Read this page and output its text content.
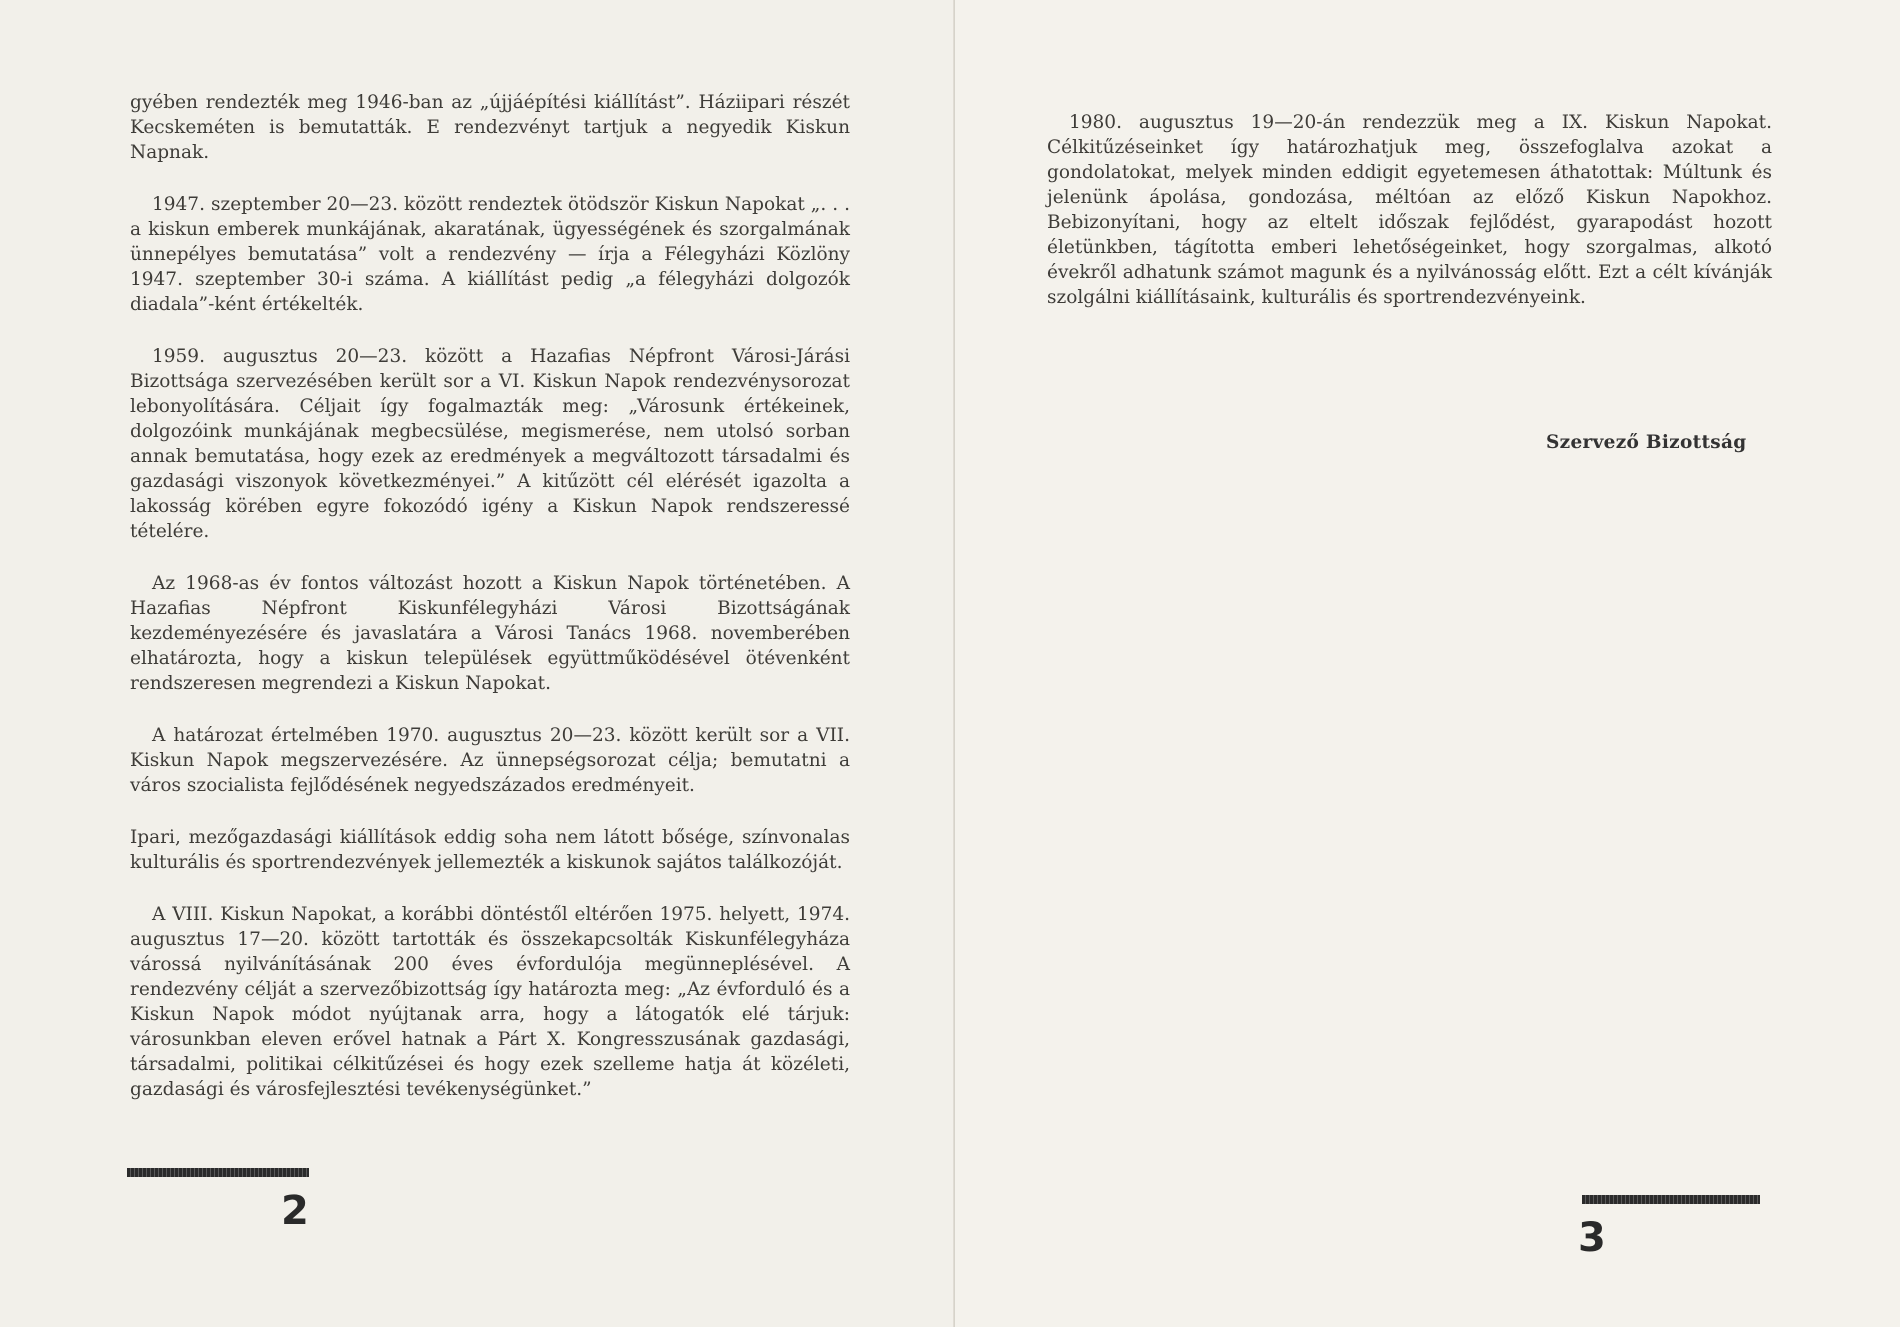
gyében rendezték meg 1946-ban az „újjáépítési kiállítást”. Háziipari részét Kecskeméten is bemutatták. E rendezvényt tartjuk a negyedik Kiskun Napnak.

1947. szeptember 20—23. között rendeztek ötödször Kiskun Napokat „. . . a kiskun emberek munkájának, akaratának, ügyességének és szorgalmának ünnepélyes bemutatása” volt a rendezvény — írja a Félegyházi Közlöny 1947. szeptember 30-i száma. A kiállítást pedig „a félegyházi dolgozók diadala”-ként értékelték.

1959. augusztus 20—23. között a Hazafias Népfront Városi-Járási Bizottsága szervezésében került sor a VI. Kiskun Napok rendezvénysorozat lebonyolítására. Céljait így fogalmazták meg: „Városunk értékeinek, dolgozóink munkájának megbecsülése, megismerése, nem utolsó sorban annak bemutatása, hogy ezek az eredmények a megváltozott társadalmi és gazdasági viszonyok következményei.” A kitűzött cél elérését igazolta a lakosság körében egyre fokozódó igény a Kiskun Napok rendszeressé tételére.

Az 1968-as év fontos változást hozott a Kiskun Napok történetében. A Hazafias Népfront Kiskunfélegyházi Városi Bizottságának kezdeményezésére és javaslatára a Városi Tanács 1968. novemberében elhatározta, hogy a kiskun települések együttműködésével ötévenként rendszeresen megrendezi a Kiskun Napokat.

A határozat értelmében 1970. augusztus 20—23. között került sor a VII. Kiskun Napok megszervezésére. Az ünnepségsorozat célja; bemutatni a város szocialista fejlődésének negyedszázados eredményeit.

Ipari, mezőgazdasági kiállítások eddig soha nem látott bősége, színvonalas kulturális és sportrendezvények jellemezték a kiskunok sajátos találkozóját.

A VIII. Kiskun Napokat, a korábbi döntéstől eltérően 1975. helyett, 1974. augusztus 17—20. között tartották és összekapcsolták Kiskunfélegyháza várossá nyilvánításának 200 éves évfordulója megünneplésével. A rendezvény célját a szervezőbizottság így határozta meg: „Az évforduló és a Kiskun Napok módot nyújtanak arra, hogy a látogatók elé tárjuk: városunkban eleven erővel hatnak a Párt X. Kongresszusának gazdasági, társadalmi, politikai célkitűzései és hogy ezek szelleme hatja át közéleti, gazdasági és városfejlesztési tevékenységünket.”

2

1980. augusztus 19—20-án rendezzük meg a IX. Kiskun Napokat. Célkitűzéseinket így határozhatjuk meg, összefoglalva azokat a gondolatokat, melyek minden eddigit egyetemesen áthatottak: Múltunk és jelenünk ápolása, gondozása, méltóan az előző Kiskun Napokhoz. Bebizonyítani, hogy az eltelt időszak fejlődést, gyarapodást hozott életünkben, tágította emberi lehetőségeinket, hogy szorgalmas, alkotó évekről adhatunk számot magunk és a nyilvánosság előtt. Ezt a célt kívánják szolgálni kiállításaink, kulturális és sportrendezvényeink.

Szervező Bizottság
3
